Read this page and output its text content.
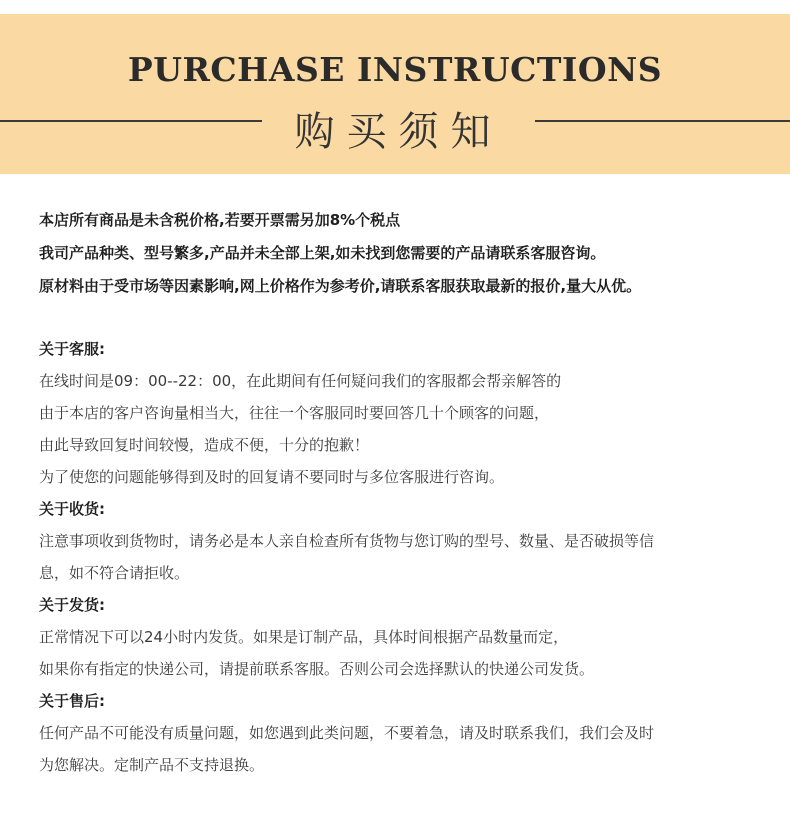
PURCHASE INSTRUCTIONS
购买须知
本店所有商品是未含税价格,若要开票需另加8%个税点
我司产品种类、型号繁多,产品并未全部上架,如未找到您需要的产品请联系客服咨询。
原材料由于受市场等因素影响,网上价格作为参考价,请联系客服获取最新的报价,量大从优。
关于客服:
在线时间是09：00--22：00，在此期间有任何疑问我们的客服都会帮亲解答的
由于本店的客户咨询量相当大，往往一个客服同时要回答几十个顾客的问题，
由此导致回复时间较慢，造成不便，十分的抱歉！
为了使您的问题能够得到及时的回复请不要同时与多位客服进行咨询。
关于收货:
注意事项收到货物时，请务必是本人亲自检查所有货物与您订购的型号、数量、是否破损等信
息，如不符合请拒收。
关于发货:
正常情况下可以24小时内发货。如果是订制产品，具体时间根据产品数量而定，
如果你有指定的快递公司，请提前联系客服。否则公司会选择默认的快递公司发货。
关于售后:
任何产品不可能没有质量问题，如您遇到此类问题，不要着急，请及时联系我们，我们会及时
为您解决。定制产品不支持退换。
